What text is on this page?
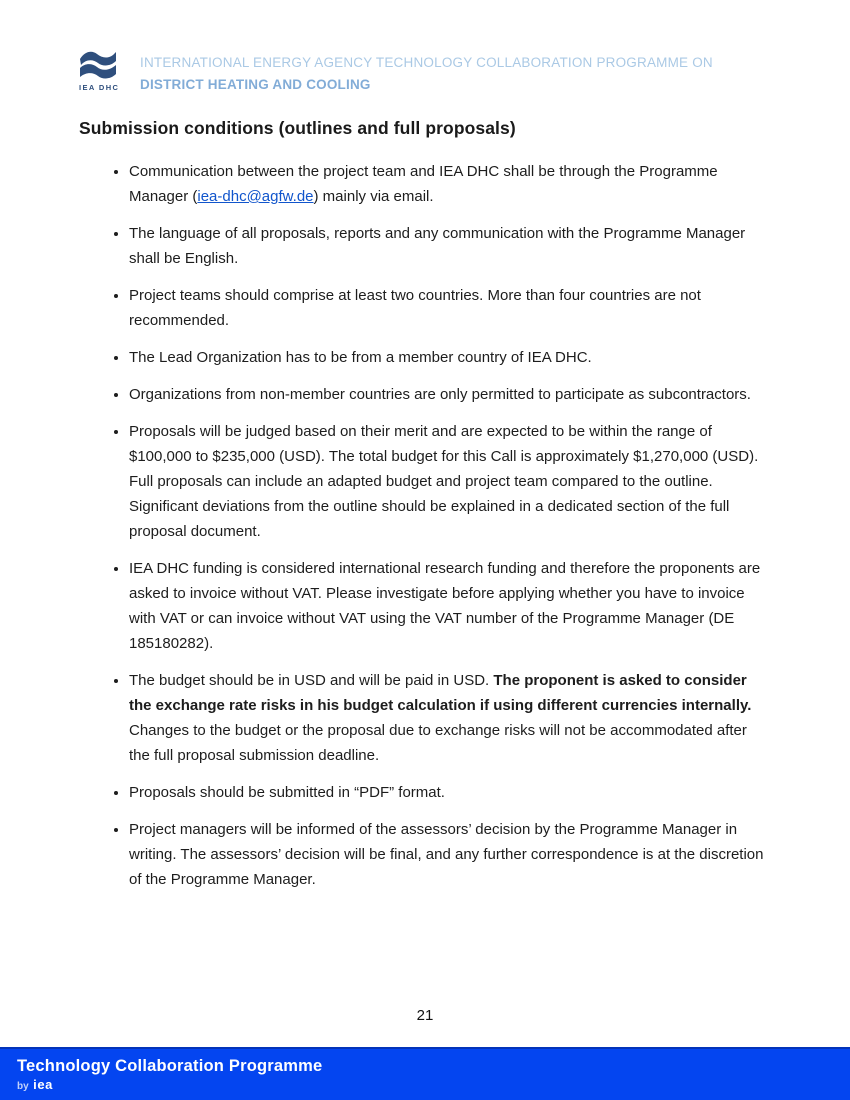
IEA DHC
INTERNATIONAL ENERGY AGENCY TECHNOLOGY COLLABORATION PROGRAMME ON
DISTRICT HEATING AND COOLING
Submission conditions (outlines and full proposals)
• Communication between the project team and IEA DHC shall be through the Programme Manager (iea-dhc@agfw.de) mainly via email.
• The language of all proposals, reports and any communication with the Programme Manager shall be English.
• Project teams should comprise at least two countries. More than four countries are not recommended.
• The Lead Organization has to be from a member country of IEA DHC.
• Organizations from non-member countries are only permitted to participate as subcontractors.
• Proposals will be judged based on their merit and are expected to be within the range of $100,000 to $235,000 (USD). The total budget for this Call is approximately $1,270,000 (USD). Full proposals can include an adapted budget and project team compared to the outline. Significant deviations from the outline should be explained in a dedicated section of the full proposal document.
• IEA DHC funding is considered international research funding and therefore the proponents are asked to invoice without VAT. Please investigate before applying whether you have to invoice with VAT or can invoice without VAT using the VAT number of the Programme Manager (DE 185180282).
• The budget should be in USD and will be paid in USD. The proponent is asked to consider the exchange rate risks in his budget calculation if using different currencies internally. Changes to the budget or the proposal due to exchange risks will not be accommodated after the full proposal submission deadline.
• Proposals should be submitted in “PDF” format.
• Project managers will be informed of the assessors’ decision by the Programme Manager in writing. The assessors’ decision will be final, and any further correspondence is at the discretion of the Programme Manager.
21
Technology Collaboration Programme
by iea
